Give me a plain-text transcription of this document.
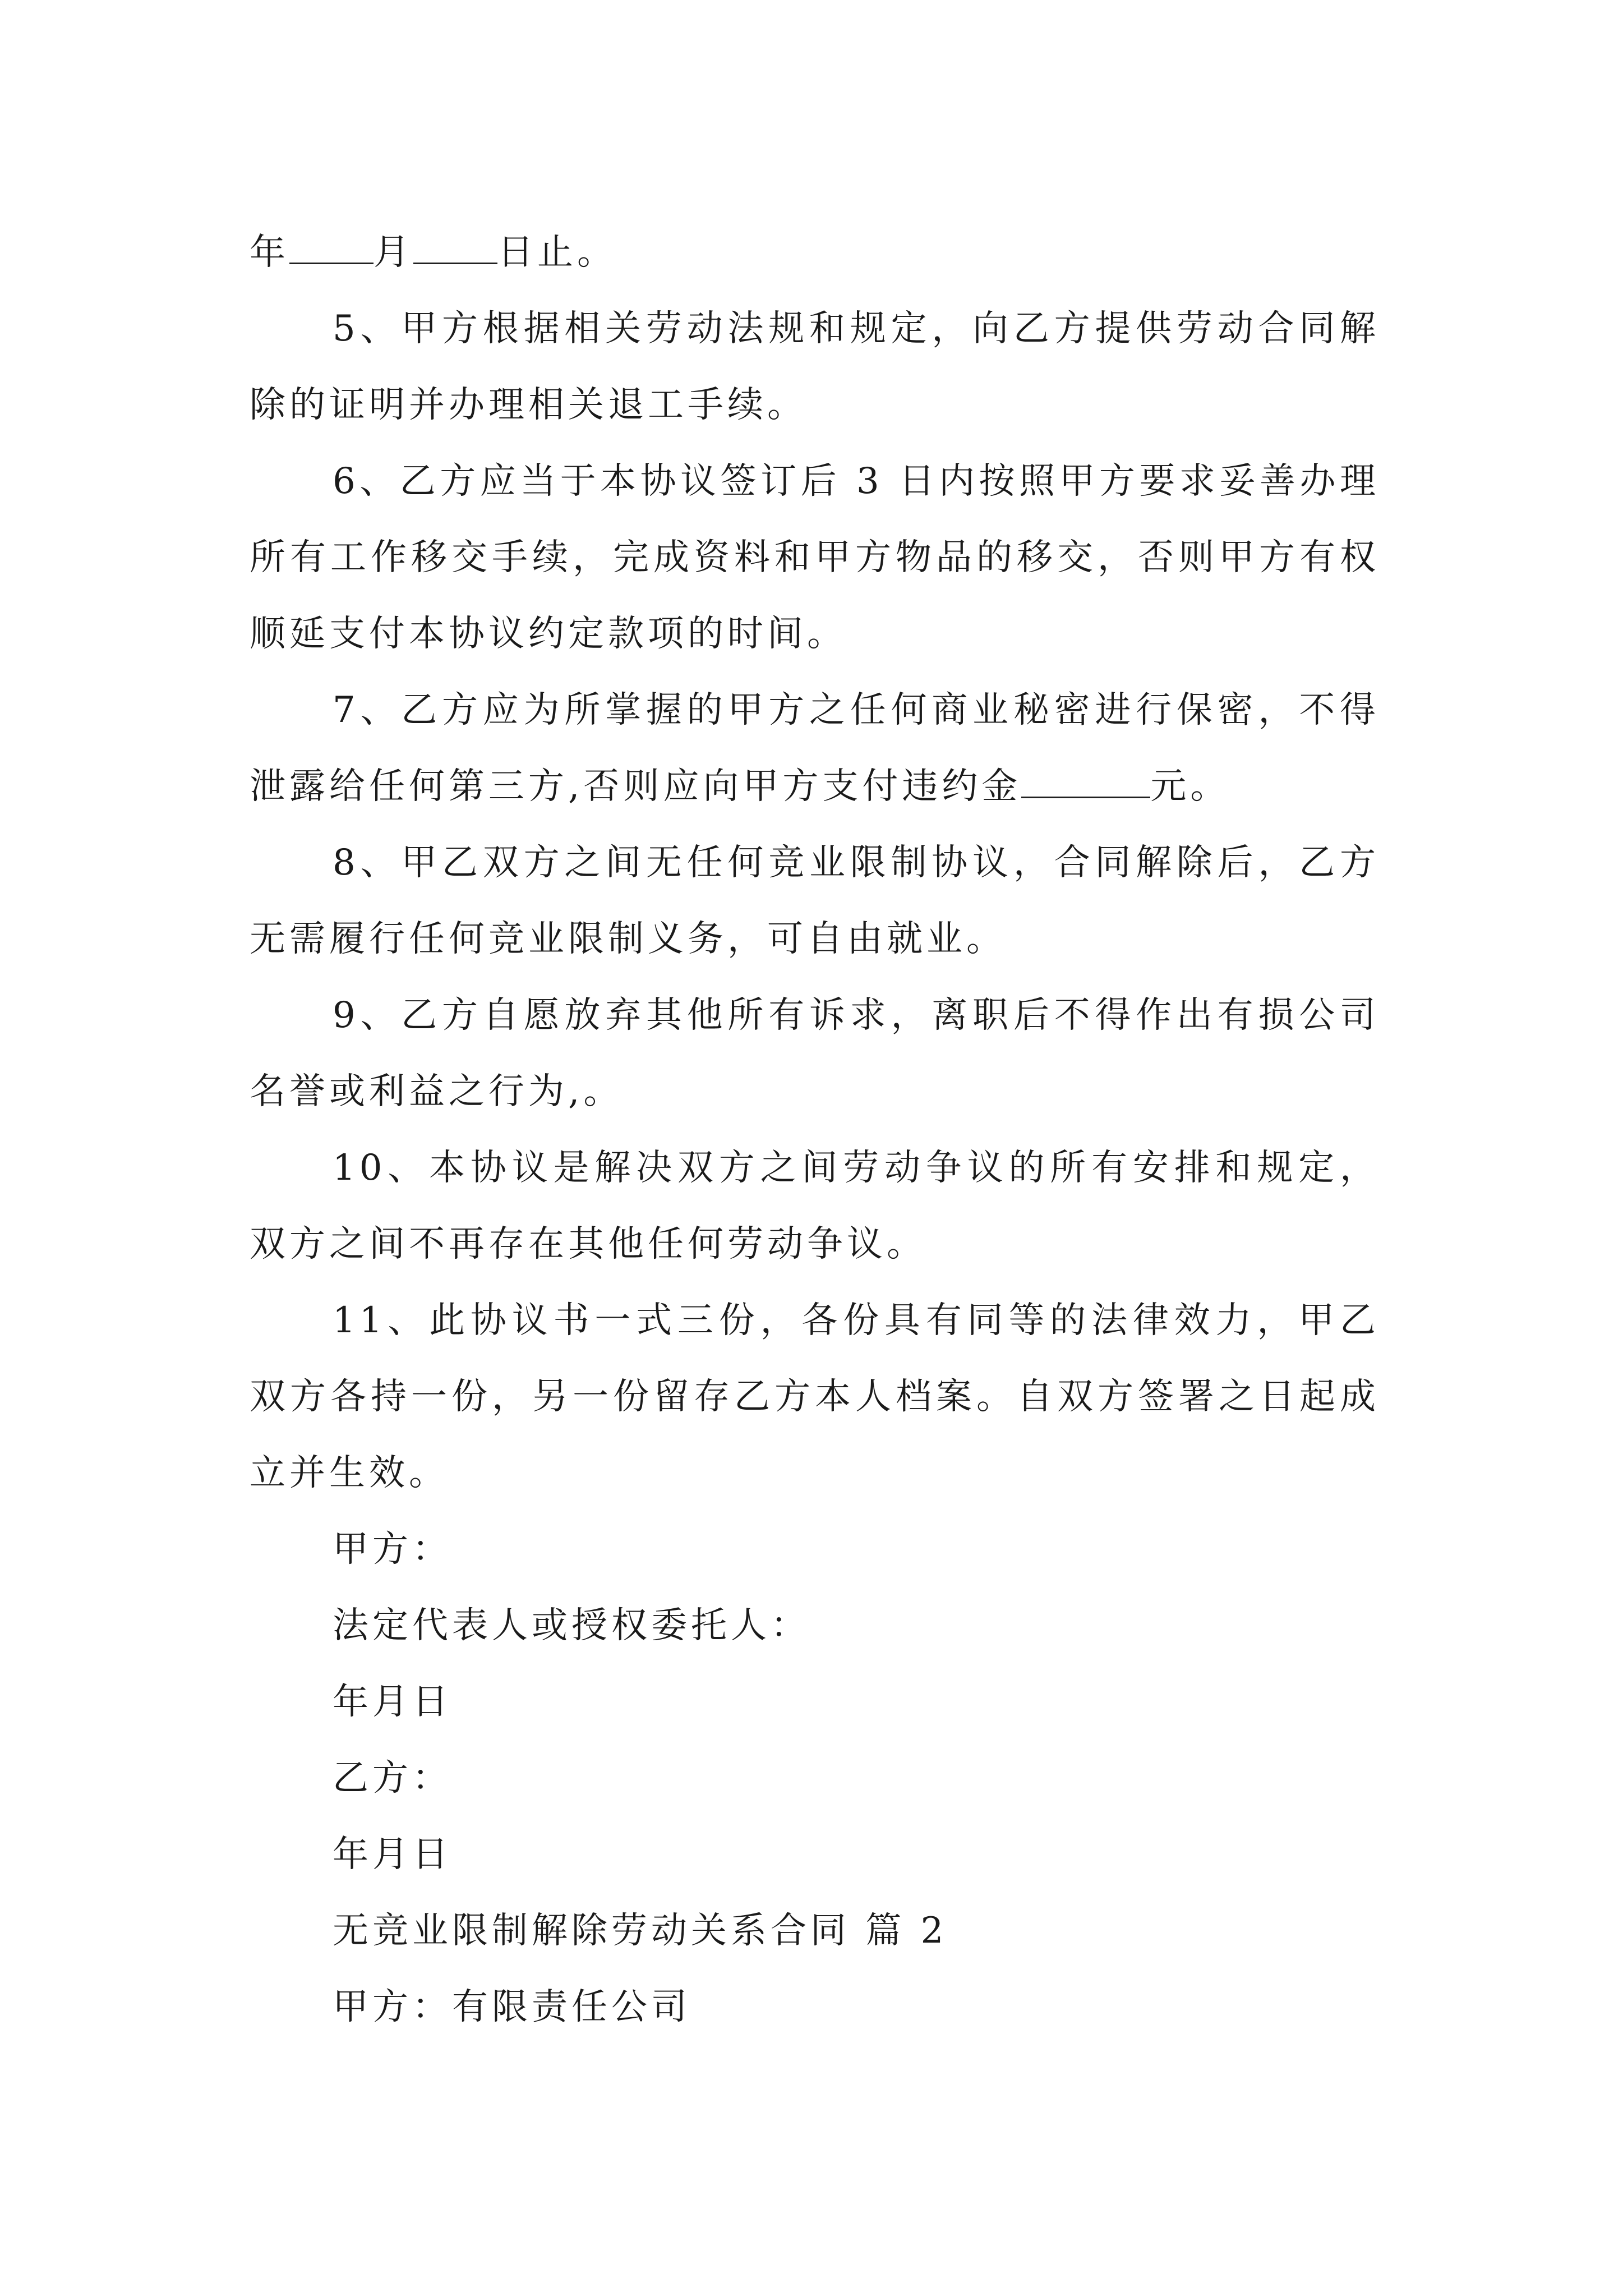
年 月 日止。

5、甲方根据相关劳动法规和规定，向乙方提供劳动合同解除的证明并办理相关退工手续。

6、乙方应当于本协议签订后 3 日内按照甲方要求妥善办理所有工作移交手续，完成资料和甲方物品的移交，否则甲方有权顺延支付本协议约定款项的时间。

7、乙方应为所掌握的甲方之任何商业秘密进行保密，不得泄露给任何第三方,否则应向甲方支付违约金	元。

8、甲乙双方之间无任何竞业限制协议，合同解除后，乙方无需履行任何竞业限制义务，可自由就业。

9、乙方自愿放弃其他所有诉求，离职后不得作出有损公司名誉或利益之行为,。

10、本协议是解决双方之间劳动争议的所有安排和规定，双方之间不再存在其他任何劳动争议。

11、此协议书一式三份，各份具有同等的法律效力，甲乙双方各持一份，另一份留存乙方本人档案。自双方签署之日起成立并生效。

甲方：

法定代表人或授权委托人：

年月日

乙方：

年月日

无竞业限制解除劳动关系合同 篇 2

甲方：有限责任公司
